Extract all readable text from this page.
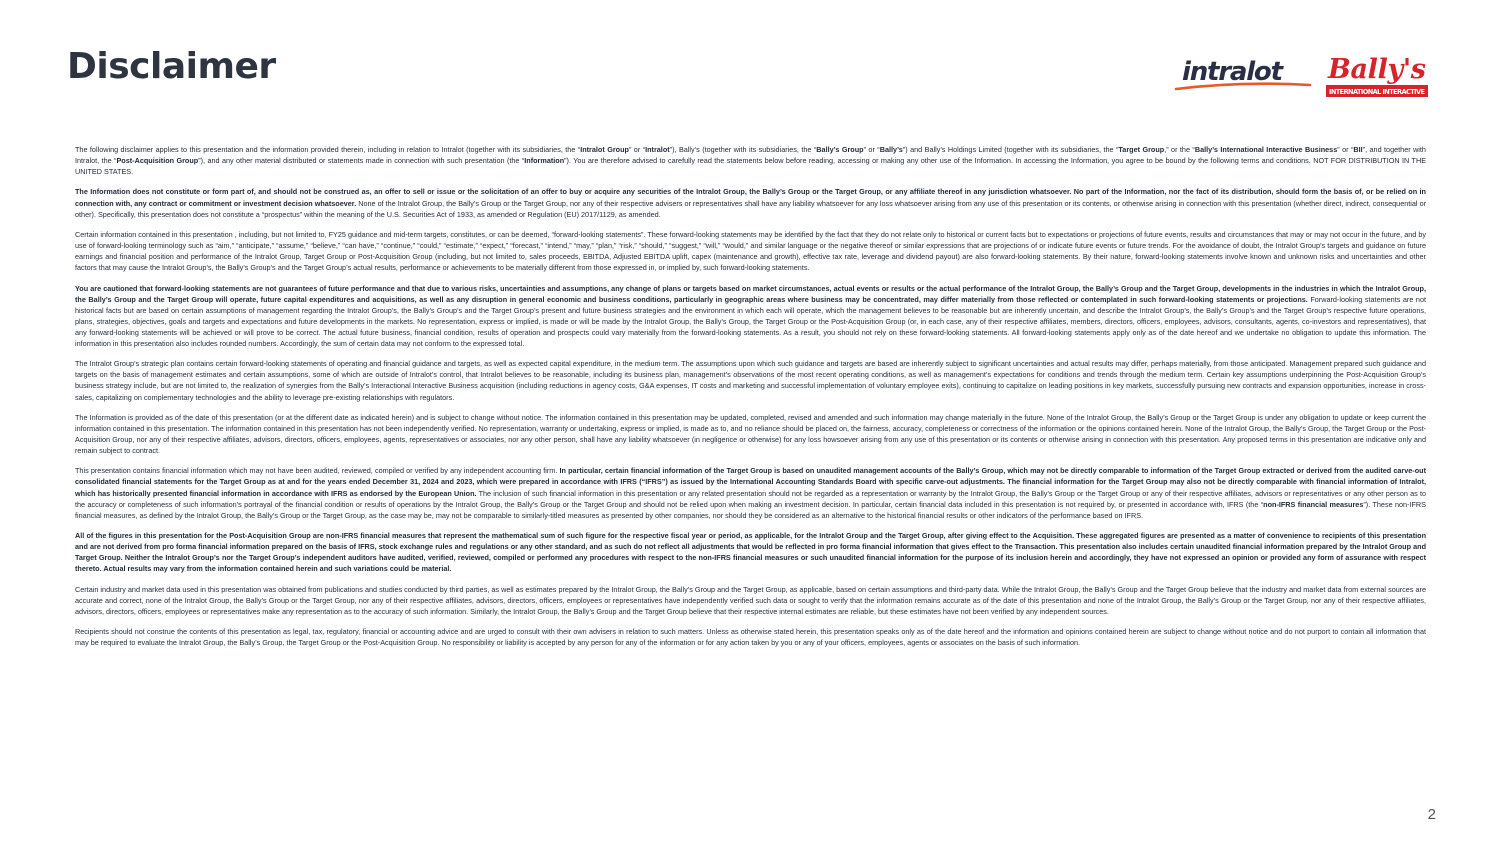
Disclaimer	intralot Bally's
INTERNATIONAL INTERACTIVE

The following disclaimer applies to this presentation and the information provided therein, including in relation to Intralot (together with its subsidiaries, the “Intralot Group” or “Intralot”), Bally’s (together with its subsidiaries, the “Bally’s Group” or “Bally’s”) and Bally’s Holdings Limited (together with its subsidiaries, the “Target Group,” or the “Bally’s International Interactive Business” or “BII”, and together with Intralot, the “Post-Acquisition Group”), and any other material distributed or statements made in connection with such presentation (the “Information”). You are therefore advised to carefully read the statements below before reading, accessing or making any other use of the Information. In accessing the Information, you agree to be bound by the following terms and conditions. NOT FOR DISTRIBUTION IN THE UNITED STATES.

The Information does not constitute or form part of, and should not be construed as, an offer to sell or issue or the solicitation of an offer to buy or acquire any securities of the Intralot Group, the Bally’s Group or the Target Group, or any affiliate thereof in any jurisdiction whatsoever. No part of the Information, nor the fact of its distribution, should form the basis of, or be relied on in connection with, any contract or commitment or investment decision whatsoever. None of the Intralot Group, the Bally’s Group or the Target Group, nor any of their respective advisers or representatives shall have any liability whatsoever for any loss whatsoever arising from any use of this presentation or its contents, or otherwise arising in connection with this presentation (whether direct, indirect, consequential or other). Specifically, this presentation does not constitute a “prospectus” within the meaning of the U.S. Securities Act of 1933, as amended or Regulation (EU) 2017/1129, as amended.

Certain information contained in this presentation , including, but not limited to, FY25 guidance and mid-term targets, constitutes, or can be deemed, “forward-looking statements”. These forward-looking statements may be identified by the fact that they do not relate only to historical or current facts but to expectations or projections of future events, results and circumstances that may or may not occur in the future, and by use of forward-looking terminology such as “aim,” “anticipate,” “assume,” “believe,” “can have,” “continue,” “could,” “estimate,” “expect,” “forecast,” “intend,” “may,” “plan,” “risk,” “should,” “suggest,” “will,” “would,” and similar language or the negative thereof or similar expressions that are projections of or indicate future events or future trends. For the avoidance of doubt, the Intralot Group’s targets and guidance on future earnings and financial position and performance of the Intralot Group, Target Group or Post-Acquisition Group (including, but not limited to, sales proceeds, EBITDA, Adjusted EBITDA uplift, capex (maintenance and growth), effective tax rate, leverage and dividend payout) are also forward-looking statements. By their nature, forward-looking statements involve known and unknown risks and uncertainties and other factors that may cause the Intralot Group’s, the Bally’s Group’s and the Target Group’s actual results, performance or achievements to be materially different from those expressed in, or implied by, such forward-looking statements.

You are cautioned that forward-looking statements are not guarantees of future performance and that due to various risks, uncertainties and assumptions, any change of plans or targets based on market circumstances, actual events or results or the actual performance of the Intralot Group, the Bally’s Group and the Target Group, developments in the industries in which the Intralot Group, the Bally’s Group and the Target Group will operate, future capital expenditures and acquisitions, as well as any disruption in general economic and business conditions, particularly in geographic areas where business may be concentrated, may differ materially from those reflected or contemplated in such forward-looking statements or projections. Forward-looking statements are not historical facts but are based on certain assumptions of management regarding the Intralot Group’s, the Bally’s Group’s and the Target Group’s present and future business strategies and the environment in which each will operate, which the management believes to be reasonable but are inherently uncertain, and describe the Intralot Group’s, the Bally’s Group’s and the Target Group’s respective future operations, plans, strategies, objectives, goals and targets and expectations and future developments in the markets. No representation, express or implied, is made or will be made by the Intralot Group, the Bally’s Group, the Target Group or the Post-Acquisition Group (or, in each case, any of their respective affiliates, members, directors, officers, employees, advisors, consultants, agents, co-investors and representatives), that any forward-looking statements will be achieved or will prove to be correct. The actual future business, financial condition, results of operation and prospects could vary materially from the forward-looking statements. As a result, you should not rely on these forward-looking statements. All forward-looking statements apply only as of the date hereof and we undertake no obligation to update this information. The information in this presentation also includes rounded numbers. Accordingly, the sum of certain data may not conform to the expressed total.

The Intralot Group’s strategic plan contains certain forward-looking statements of operating and financial guidance and targets, as well as expected capital expenditure, in the medium term. The assumptions upon which such guidance and targets are based are inherently subject to significant uncertainties and actual results may differ, perhaps materially, from those anticipated. Management prepared such guidance and targets on the basis of management estimates and certain assumptions, some of which are outside of Intralot’s control, that Intralot believes to be reasonable, including its business plan, management’s observations of the most recent operating conditions, as well as management’s expectations for conditions and trends through the medium term. Certain key assumptions underpinning the Post-Acquisition Group’s business strategy include, but are not limited to, the realization of synergies from the Bally’s Interactional Interactive Business acquisition (including reductions in agency costs, G&A expenses, IT costs and marketing and successful implementation of voluntary employee exits), continuing to capitalize on leading positions in key markets, successfully pursuing new contracts and expansion opportunities, increase in cross-sales, capitalizing on complementary technologies and the ability to leverage pre-existing relationships with regulators.

The Information is provided as of the date of this presentation (or at the different date as indicated herein) and is subject to change without notice. The information contained in this presentation may be updated, completed, revised and amended and such information may change materially in the future. None of the Intralot Group, the Bally’s Group or the Target Group is under any obligation to update or keep current the information contained in this presentation. The information contained in this presentation has not been independently verified. No representation, warranty or undertaking, express or implied, is made as to, and no reliance should be placed on, the fairness, accuracy, completeness or correctness of the information or the opinions contained herein. None of the Intralot Group, the Bally’s Group, the Target Group or the Post-Acquisition Group, nor any of their respective affiliates, advisors, directors, officers, employees, agents, representatives or associates, nor any other person, shall have any liability whatsoever (in negligence or otherwise) for any loss howsoever arising from any use of this presentation or its contents or otherwise arising in connection with this presentation. Any proposed terms in this presentation are indicative only and remain subject to contract.

This presentation contains financial information which may not have been audited, reviewed, compiled or verified by any independent accounting firm. In particular, certain financial information of the Target Group is based on unaudited management accounts of the Bally’s Group, which may not be directly comparable to information of the Target Group extracted or derived from the audited carve-out consolidated financial statements for the Target Group as at and for the years ended December 31, 2024 and 2023, which were prepared in accordance with IFRS (“IFRS”) as issued by the International Accounting Standards Board with specific carve-out adjustments. The financial information for the Target Group may also not be directly comparable with financial information of Intralot, which has historically presented financial information in accordance with IFRS as endorsed by the European Union. The inclusion of such financial information in this presentation or any related presentation should not be regarded as a representation or warranty by the Intralot Group, the Bally’s Group or the Target Group or any of their respective affiliates, advisors or representatives or any other person as to the accuracy or completeness of such information’s portrayal of the financial condition or results of operations by the Intralot Group, the Bally’s Group or the Target Group and should not be relied upon when making an investment decision. In particular, certain financial data included in this presentation is not required by, or presented in accordance with, IFRS (the “non-IFRS financial measures”). These non-IFRS financial measures, as defined by the Intralot Group, the Bally’s Group or the Target Group, as the case may be, may not be comparable to similarly-titled measures as presented by other companies, nor should they be considered as an alternative to the historical financial results or other indicators of the performance based on IFRS.

All of the figures in this presentation for the Post-Acquisition Group are non-IFRS financial measures that represent the mathematical sum of such figure for the respective fiscal year or period, as applicable, for the Intralot Group and the Target Group, after giving effect to the Acquisition. These aggregated figures are presented as a matter of convenience to recipients of this presentation and are not derived from pro forma financial information prepared on the basis of IFRS, stock exchange rules and regulations or any other standard, and as such do not reflect all adjustments that would be reflected in pro forma financial information that gives effect to the Transaction. This presentation also includes certain unaudited financial information prepared by the Intralot Group and Target Group. Neither the Intralot Group’s nor the Target Group’s independent auditors have audited, verified, reviewed, compiled or performed any procedures with respect to the non-IFRS financial measures or such unaudited financial information for the purpose of its inclusion herein and accordingly, they have not expressed an opinion or provided any form of assurance with respect thereto. Actual results may vary from the information contained herein and such variations could be material.

Certain industry and market data used in this presentation was obtained from publications and studies conducted by third parties, as well as estimates prepared by the Intralot Group, the Bally’s Group and the Target Group, as applicable, based on certain assumptions and third-party data. While the Intralot Group, the Bally’s Group and the Target Group believe that the industry and market data from external sources are accurate and correct, none of the Intralot Group, the Bally’s Group or the Target Group, nor any of their respective affiliates, advisors, directors, officers, employees or representatives have independently verified such data or sought to verify that the information remains accurate as of the date of this presentation and none of the Intralot Group, the Bally’s Group or the Target Group, nor any of their respective affiliates, advisors, directors, officers, employees or representatives make any representation as to the accuracy of such information. Similarly, the Intralot Group, the Bally’s Group and the Target Group believe that their respective internal estimates are reliable, but these estimates have not been verified by any independent sources.

Recipients should not construe the contents of this presentation as legal, tax, regulatory, financial or accounting advice and are urged to consult with their own advisers in relation to such matters. Unless as otherwise stated herein, this presentation speaks only as of the date hereof and the information and opinions contained herein are subject to change without notice and do not purport to contain all information that may be required to evaluate the Intralot Group, the Bally’s Group, the Target Group or the Post-Acquisition Group. No responsibility or liability is accepted by any person for any of the information or for any action taken by you or any of your officers, employees, agents or associates on the basis of such information.

2
